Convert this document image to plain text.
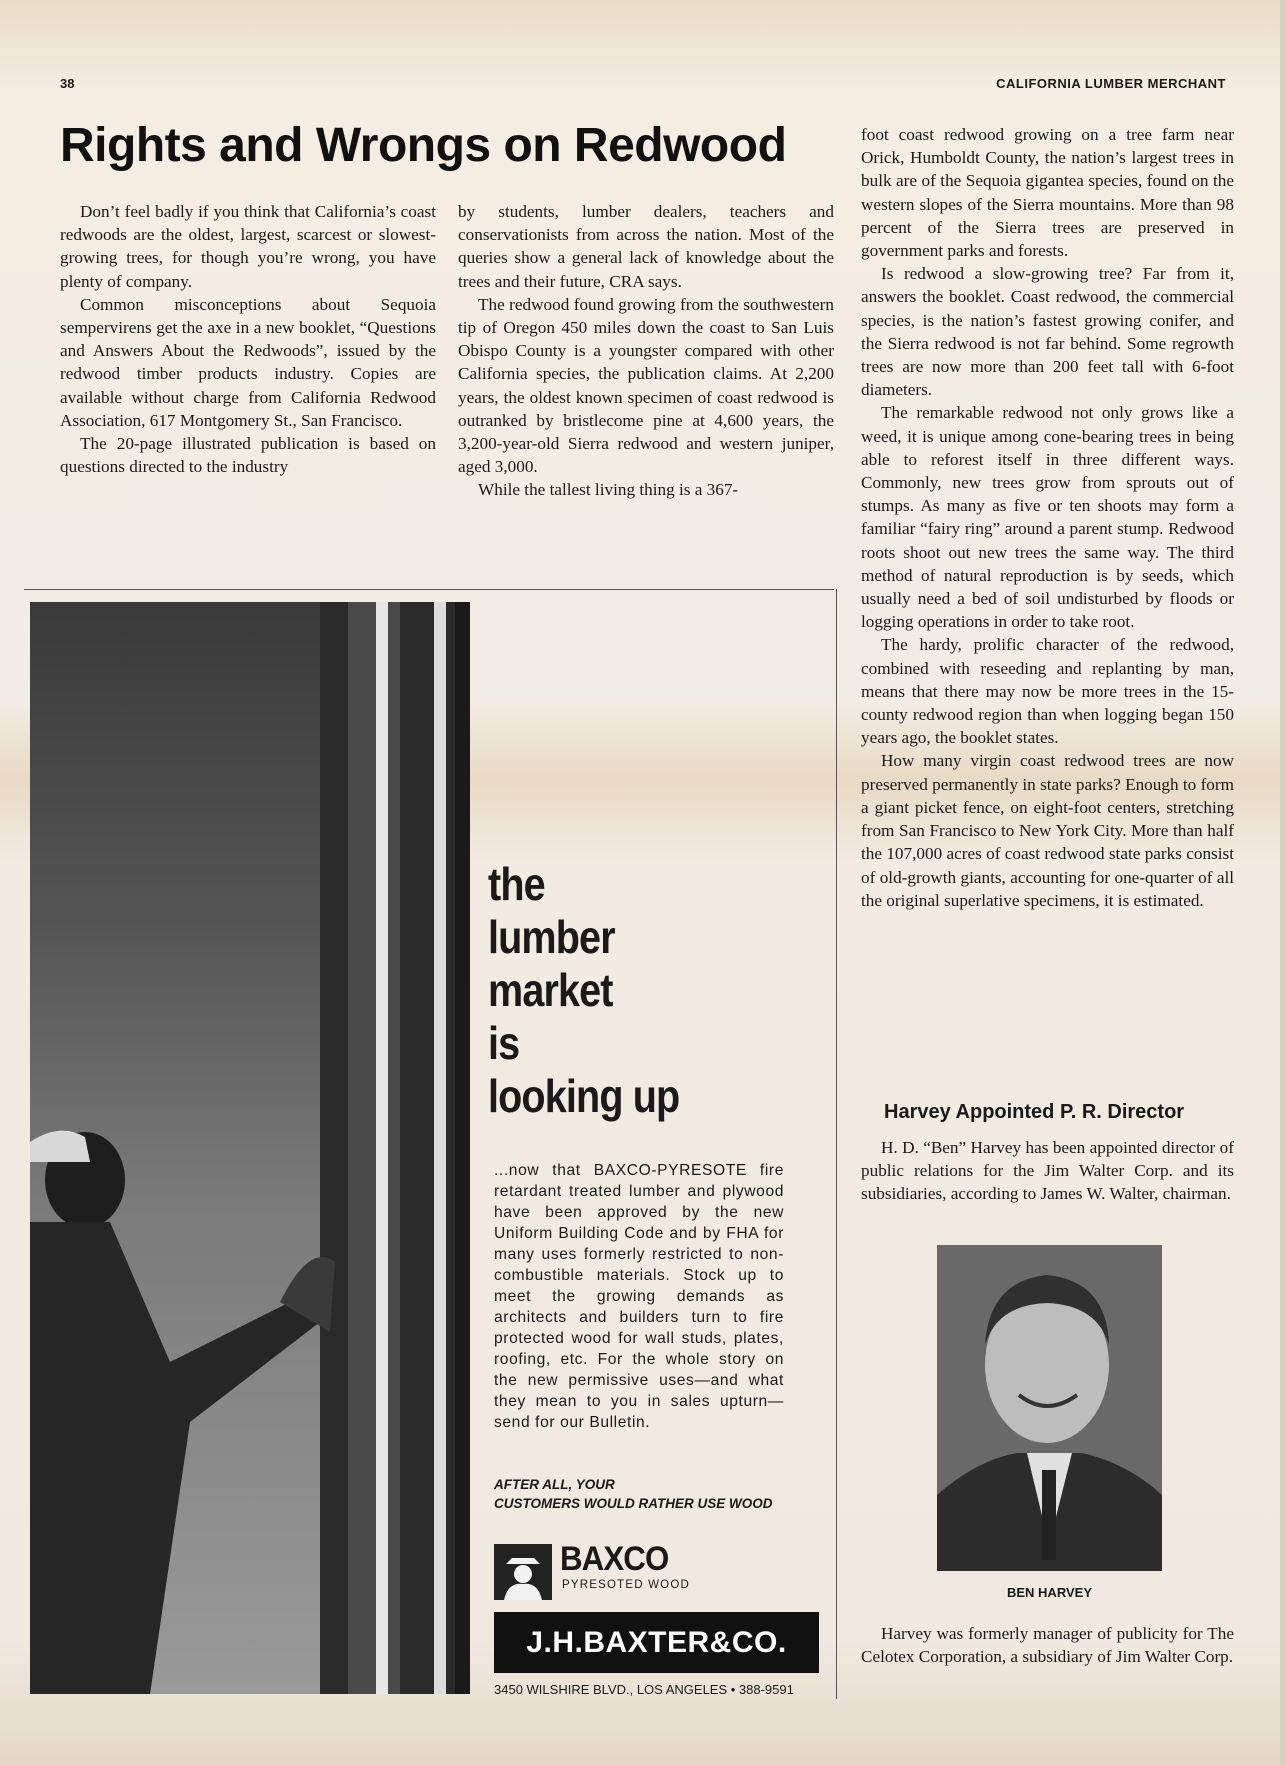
38	CALIFORNIA LUMBER MERCHANT
Rights and Wrongs on Redwood

Don’t feel badly if you think that California’s coast redwoods are the oldest, largest, scarcest or slowest-growing trees, for though you’re wrong, you have plenty of company.

Common misconceptions about Sequoia sempervirens get the axe in a new booklet, “Questions and Answers About the Redwoods”, issued by the redwood timber products industry. Copies are available without charge from California Redwood Association, 617 Montgomery St., San Francisco.

The 20-page illustrated publication is based on questions directed to the industry

by students, lumber dealers, teachers and conservationists from across the nation. Most of the queries show a general lack of knowledge about the trees and their future, CRA says.

The redwood found growing from the southwestern tip of Oregon 450 miles down the coast to San Luis Obispo County is a youngster compared with other California species, the publication claims. At 2,200 years, the oldest known specimen of coast redwood is outranked by bristlecome pine at 4,600 years, the 3,200-year-old Sierra redwood and western juniper, aged 3,000.

While the tallest living thing is a 367-

foot coast redwood growing on a tree farm near Orick, Humboldt County, the nation’s largest trees in bulk are of the Sequoia gigantea species, found on the western slopes of the Sierra mountains. More than 98 percent of the Sierra trees are preserved in government parks and forests.

Is redwood a slow-growing tree? Far from it, answers the booklet. Coast redwood, the commercial species, is the nation’s fastest growing conifer, and the Sierra redwood is not far behind. Some regrowth trees are now more than 200 feet tall with 6-foot diameters.

The remarkable redwood not only grows like a weed, it is unique among cone-bearing trees in being able to reforest itself in three different ways. Commonly, new trees grow from sprouts out of stumps. As many as five or ten shoots may form a familiar “fairy ring” around a parent stump. Redwood roots shoot out new trees the same way. The third method of natural reproduction is by seeds, which usually need a bed of soil undisturbed by floods or logging operations in order to take root.

The hardy, prolific character of the redwood, combined with reseeding and replanting by man, means that there may now be more trees in the 15-county redwood region than when logging began 150 years ago, the booklet states.

How many virgin coast redwood trees are now preserved permanently in state parks? Enough to form a giant picket fence, on eight-foot centers, stretching from San Francisco to New York City. More than half the 107,000 acres of coast redwood state parks consist of old-growth giants, accounting for one-quarter of all the original superlative specimens, it is estimated.

the
lumber
market
is
looking up
...now that BAXCO-PYRESOTE fire retardant treated lumber and plywood have been approved by the new Uniform Building Code and by FHA for many uses formerly restricted to non-combustible materials. Stock up to meet the growing demands as architects and builders turn to fire protected wood for wall studs, plates, roofing, etc. For the whole story on the new permissive uses—and what they mean to you in sales upturn—send for our Bulletin.
AFTER ALL, YOUR
CUSTOMERS WOULD RATHER USE WOOD
BAXCO
PYRESOTED WOOD
J.H.BAXTER&CO.
3450 WILSHIRE BLVD., LOS ANGELES • 388-9591
Harvey Appointed P. R. Director

H. D. “Ben” Harvey has been appointed director of public relations for the Jim Walter Corp. and its subsidiaries, according to James W. Walter, chairman.

BEN HARVEY

Harvey was formerly manager of publicity for The Celotex Corporation, a subsidiary of Jim Walter Corp.
